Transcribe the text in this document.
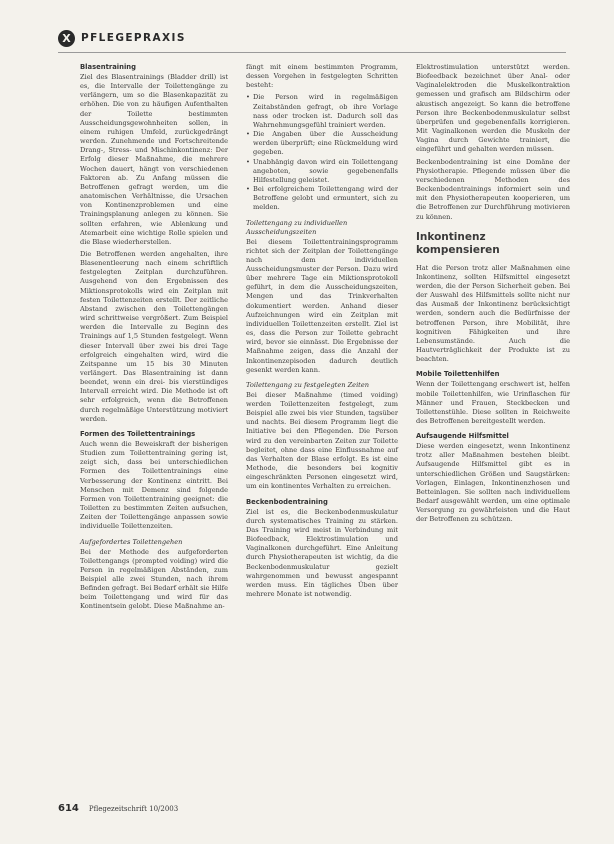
X PFLEGEPRAXIS
Blasentraining

Ziel des Blasentrainings (Bladder drill) ist es, die Intervalle der Toilettengänge zu verlängern, um so die Blasenkapazität zu erhöhen. Die von zu häufigen Aufenthalten der Toilette bestimmten Ausscheidungsgewohnheiten sollen, in einem ruhigen Umfeld, zurückgedrängt werden. Zunehmende und Fortschreitende Drang-, Stress- und Mischinkontinenz: Der Erfolg dieser Maßnahme, die mehrere Wochen dauert, hängt von verschiedenen Faktoren ab. Zu Anfang müssen die Betroffenen gefragt werden, um die anatomischen Verhältnisse, die Ursachen von Kontinenzproblemen und eine Trainingsplanung anlegen zu können. Sie sollten erfahren, wie Ablenkung und Atemarbeit eine wichtige Rolle spielen und die Blase wiederherstellen.

Die Betroffenen werden angehalten, ihre Blasenentleerung nach einem schriftlich festgelegten Zeitplan durchzuführen. Ausgehend von den Ergebnissen des Miktionsprotokolls wird ein Zeitplan mit festen Toilettenzeiten erstellt. Der zeitliche Abstand zwischen den Toilettengängen wird schrittweise vergrößert. Zum Beispiel werden die Intervalle zu Beginn des Trainings auf 1,5 Stunden festgelegt. Wenn dieser Intervall über zwei bis drei Tage erfolgreich eingehalten wird, wird die Zeitspanne um 15 bis 30 Minuten verlängert. Das Blasentraining ist dann beendet, wenn ein drei- bis vierstündiges Intervall erreicht wird. Die Methode ist oft sehr erfolgreich, wenn die Betroffenen durch regelmäßige Unterstützung motiviert werden.

Formen des Toilettentrainings

Auch wenn die Beweiskraft der bisherigen Studien zum Toilettentraining gering ist, zeigt sich, dass bei unterschiedlichen Formen des Toilettentrainings eine Verbesserung der Kontinenz eintritt. Bei Menschen mit Demenz sind folgende Formen von Toilettentraining geeignet: die Toiletten zu bestimmten Zeiten aufsuchen, Zeiten der Toilettengänge anpassen sowie individuelle Toilettenzeiten.

Aufgefordertes Toilettengehen

Bei der Methode des aufgeforderten Toilettengangs (prompted voiding) wird die Person in regelmäßigen Abständen, zum Beispiel alle zwei Stunden, nach ihrem Befinden gefragt. Bei Bedarf erhält sie Hilfe beim Toilettengang und wird für das Kontinentsein gelobt. Diese Maßnahme an-

fängt mit einem bestimmten Programm, dessen Vorgehen in festgelegten Schritten besteht:

• Die Person wird in regelmäßigen Zeitabständen gefragt, ob ihre Vorlage nass oder trocken ist. Dadurch soll das Wahrnehmungsgefühl trainiert werden.
• Die Angaben über die Ausscheidung werden überprüft; eine Rückmeldung wird gegeben.
• Unabhängig davon wird ein Toilettengang angeboten, sowie gegebenenfalls Hilfestellung geleistet.
• Bei erfolgreichem Toilettengang wird der Betroffene gelobt und ermuntert, sich zu melden.
Toilettengang zu individuellen Ausscheidungszeiten

Bei diesem Toilettentrainingsprogramm richtet sich der Zeitplan der Toilettengänge nach dem individuellen Ausscheidungsmuster der Person. Dazu wird über mehrere Tage ein Miktionsprotokoll geführt, in dem die Ausscheidungszeiten, Mengen und das Trinkverhalten dokumentiert werden. Anhand dieser Aufzeichnungen wird ein Zeitplan mit individuellen Toilettenzeiten erstellt. Ziel ist es, dass die Person zur Toilette gebracht wird, bevor sie einnässt. Die Ergebnisse der Maßnahme zeigen, dass die Anzahl der Inkontinenzepisoden dadurch deutlich gesenkt werden kann.

Toilettengang zu festgelegten Zeiten

Bei dieser Maßnahme (timed voiding) werden Toilettenzeiten festgelegt, zum Beispiel alle zwei bis vier Stunden, tagsüber und nachts. Bei diesem Programm liegt die Initiative bei den Pflegenden. Die Person wird zu den vereinbarten Zeiten zur Toilette begleitet, ohne dass eine Einflussnahme auf das Verhalten der Blase erfolgt. Es ist eine Methode, die besonders bei kognitiv eingeschränkten Personen eingesetzt wird, um ein kontinentes Verhalten zu erreichen.

Beckenbodentraining

Ziel ist es, die Beckenbodenmuskulatur durch systematisches Training zu stärken. Das Training wird meist in Verbindung mit Biofeedback, Elektrostimulation und Vaginalkonen durchgeführt. Eine Anleitung durch Physiotherapeuten ist wichtig, da die Beckenbodenmuskulatur gezielt wahrgenommen und bewusst angespannt werden muss. Ein tägliches Üben über mehrere Monate ist notwendig.

Elektrostimulation unterstützt werden. Biofeedback bezeichnet über Anal- oder Vaginalelektroden die Muskelkontraktion gemessen und grafisch am Bildschirm oder akustisch angezeigt. So kann die betroffene Person ihre Beckenbodenmuskulatur selbst überprüfen und gegebenenfalls korrigieren. Mit Vaginalkonen werden die Muskeln der Vagina durch Gewichte trainiert, die eingeführt und gehalten werden müssen.

Beckenbodentraining ist eine Domäne der Physiotherapie. Pflegende müssen über die verschiedenen Methoden des Beckenbodentrainings informiert sein und mit den Physiotherapeuten kooperieren, um die Betroffenen zur Durchführung motivieren zu können.

Inkontinenz kompensieren

Hat die Person trotz aller Maßnahmen eine Inkontinenz, sollten Hilfsmittel eingesetzt werden, die der Person Sicherheit geben. Bei der Auswahl des Hilfsmittels sollte nicht nur das Ausmaß der Inkontinenz berücksichtigt werden, sondern auch die Bedürfnisse der betroffenen Person, ihre Mobilität, ihre kognitiven Fähigkeiten und ihre Lebensumstände. Auch die Hautverträglichkeit der Produkte ist zu beachten.

Mobile Toilettenhilfen

Wenn der Toilettengang erschwert ist, helfen mobile Toilettenhilfen, wie Urinflaschen für Männer und Frauen, Steckbecken und Toilettenstühle. Diese sollten in Reichweite des Betroffenen bereitgestellt werden.

Aufsaugende Hilfsmittel

Diese werden eingesetzt, wenn Inkontinenz trotz aller Maßnahmen bestehen bleibt. Aufsaugende Hilfsmittel gibt es in unterschiedlichen Größen und Saugstärken: Vorlagen, Einlagen, Inkontinenzhosen und Betteinlagen. Sie sollten nach individuellem Bedarf ausgewählt werden, um eine optimale Versorgung zu gewährleisten und die Haut der Betroffenen zu schützen.

614 Pflegezeitschrift 10/2003
